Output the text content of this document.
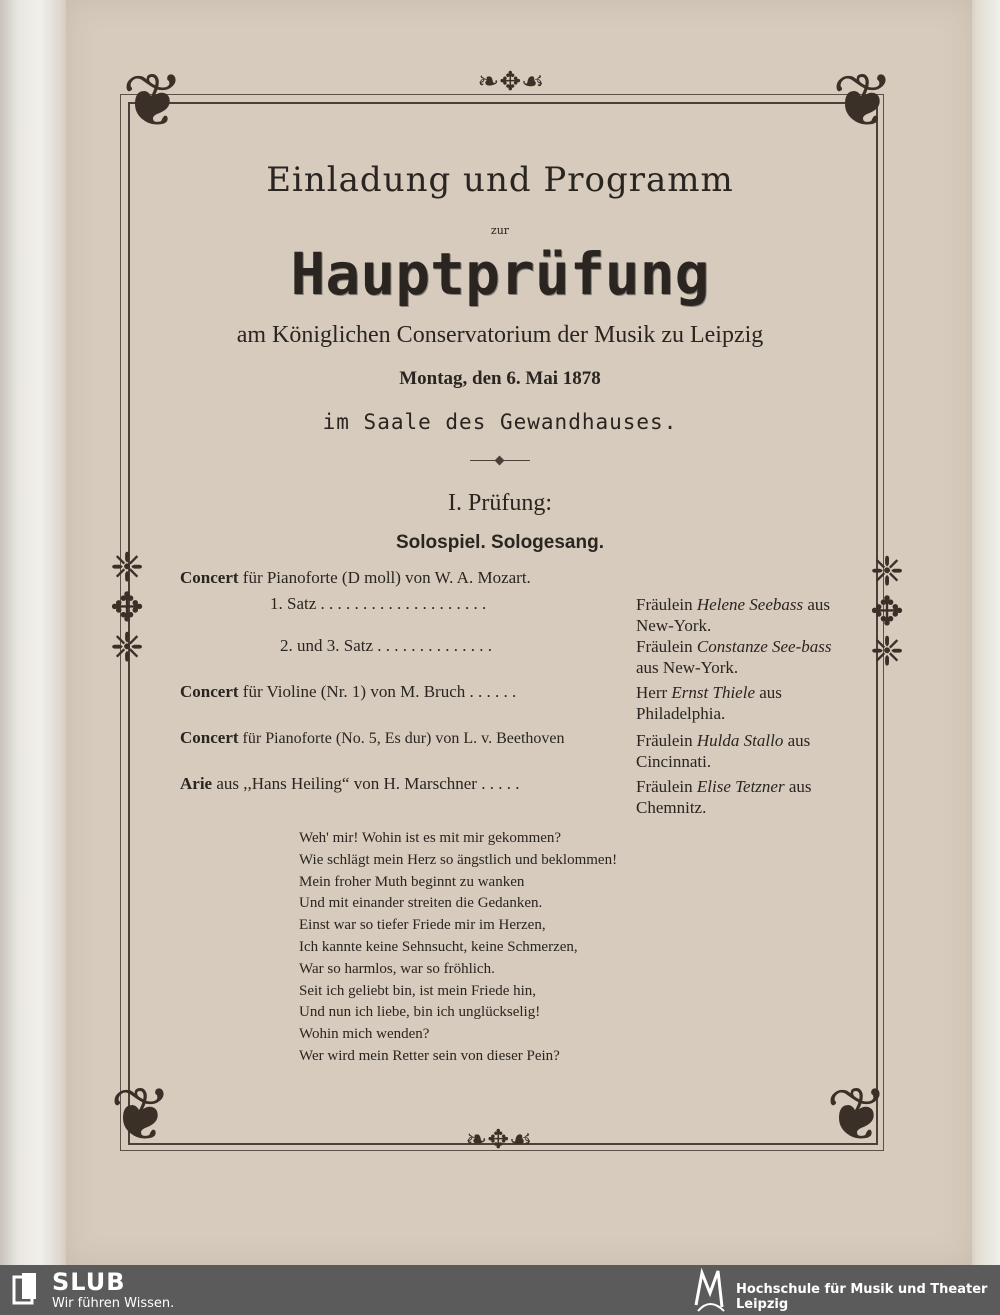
❦	❦
❦	❦
❧✥☙
❧✥☙
❈
✥
❈
❈
✥
❈
Einladung und Programm
zur
Hauptprüfung
am Königlichen Conservatorium der Musik zu Leipzig
Montag, den 6. Mai 1878
im Saale des Gewandhauses.
I. Prüfung:
Solospiel. Sologesang.
Concert für Pianoforte (D moll) von W. A. Mozart.
1. Satz . . . . . . . . . . . . . . . . . . . .	Fräulein Helene Seebass aus New-York.
2. und 3. Satz . . . . . . . . . . . . . .	Fräulein Constanze See-bass aus New-York.
Concert für Violine (Nr. 1) von M. Bruch . . . . . .	Herr Ernst Thiele aus Philadelphia.
Concert für Pianoforte (No. 5, Es dur) von L. v. Beethoven	Fräulein Hulda Stallo aus Cincinnati.
Arie aus ,,Hans Heiling“ von H. Marschner . . . . .	Fräulein Elise Tetzner aus Chemnitz.
Weh' mir! Wohin ist es mit mir gekommen?
Wie schlägt mein Herz so ängstlich und beklommen!
Mein froher Muth beginnt zu wanken
Und mit einander streiten die Gedanken.
Einst war so tiefer Friede mir im Herzen,
Ich kannte keine Sehnsucht, keine Schmerzen,
War so harmlos, war so fröhlich.
Seit ich geliebt bin, ist mein Friede hin,
Und nun ich liebe, bin ich unglückselig!
Wohin mich wenden?
Wer wird mein Retter sein von dieser Pein?
SLUB
Wir führen Wissen.
Hochschule für Musik und Theater Leipzig
